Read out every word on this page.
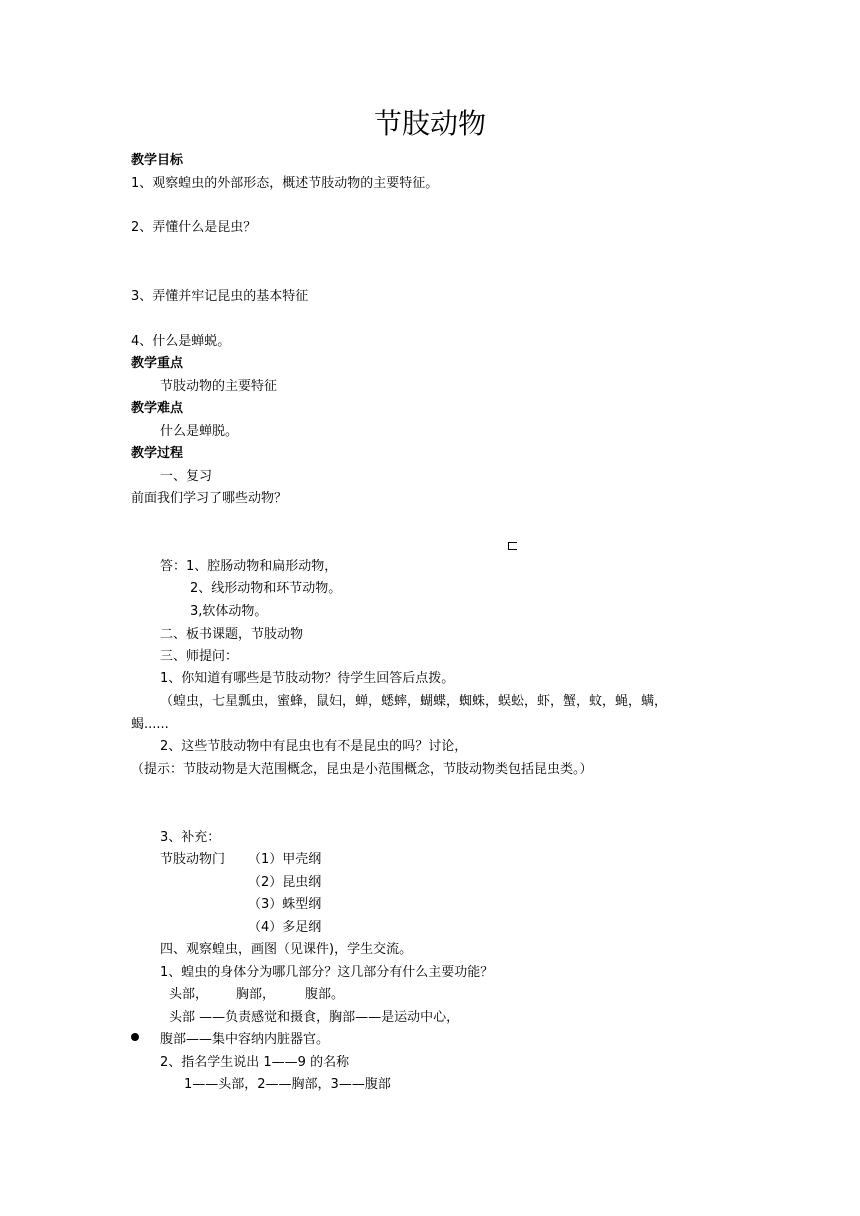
节肢动物
教学目标
1、观察蝗虫的外部形态，概述节肢动物的主要特征。
2、弄懂什么是昆虫？
3、弄懂并牢记昆虫的基本特征
4、什么是蝉蜕。
教学重点
节肢动物的主要特征
教学难点
什么是蝉脱。
教学过程
一、复习
前面我们学习了哪些动物？
答：1、腔肠动物和扁形动物，
2、线形动物和环节动物。
3,软体动物。
二、板书课题，节肢动物
三、师提问：
1、你知道有哪些是节肢动物？待学生回答后点拨。
（蝗虫，七星瓢虫，蜜蜂，鼠妇，蝉，蟋蟀，蝴蝶，蜘蛛，蜈蚣，虾，蟹，蚊，蝇，螨，
蝎......
2、这些节肢动物中有昆虫也有不是昆虫的吗？讨论，
（提示：节肢动物是大范围概念，昆虫是小范围概念，节肢动物类包括昆虫类。）
3、补充：
节肢动物门 （1）甲壳纲
（2）昆虫纲
（3）蛛型纲
（4）多足纲
四、观察蝗虫，画图（见课件)，学生交流。
1、蝗虫的身体分为哪几部分？这几部分有什么主要功能？
头部， 胸部， 腹部。
头部 ——负责感觉和摄食，胸部——是运动中心，
腹部——集中容纳内脏器官。
2、指名学生说出 1——9 的名称
1——头部，2——胸部，3——腹部
